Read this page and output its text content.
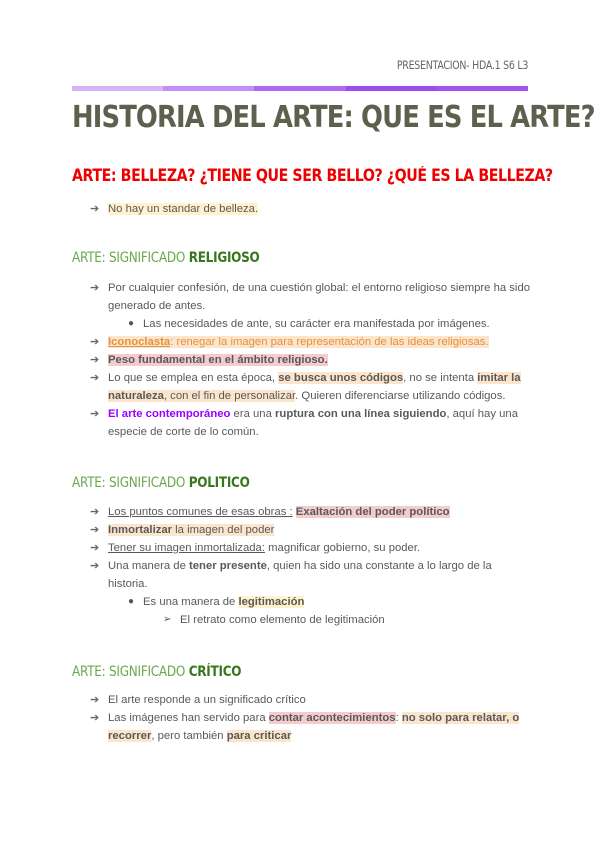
PRESENTACION- HDA.1 S6 L3
HISTORIA DEL ARTE: QUE ES EL ARTE?
ARTE: BELLEZA? ¿TIENE QUE SER BELLO? ¿QUÉ ES LA BELLEZA?
➔ No hay un standar de belleza.
ARTE: SIGNIFICADO RELIGIOSO
➔ Por cualquier confesión, de una cuestión global: el entorno religioso siempre ha sido generado de antes.
● Las necesidades de ante, su carácter era manifestada por imágenes.
➔ Iconoclasta: renegar la imagen para representación de las ideas religiosas.
➔ Peso fundamental en el ámbito religioso.
➔ Lo que se emplea en esta época, se busca unos códigos, no se intenta imitar la naturaleza, con el fin de personalizar. Quieren diferenciarse utilizando códigos.
➔ El arte contemporáneo era una ruptura con una línea siguiendo, aquí hay una especie de corte de lo común.
ARTE: SIGNIFICADO POLITICO
➔ Los puntos comunes de esas obras : Exaltación del poder político
➔ Inmortalizar la imagen del poder
➔ Tener su imagen inmortalizada: magnificar gobierno, su poder.
➔ Una manera de tener presente, quien ha sido una constante a lo largo de la historia.
● Es una manera de legitimación
➢ El retrato como elemento de legitimación
ARTE: SIGNIFICADO CRÍTICO
➔ El arte responde a un significado crítico
➔ Las imágenes han servido para contar acontecimientos: no solo para relatar, o recorrer, pero también para criticar
